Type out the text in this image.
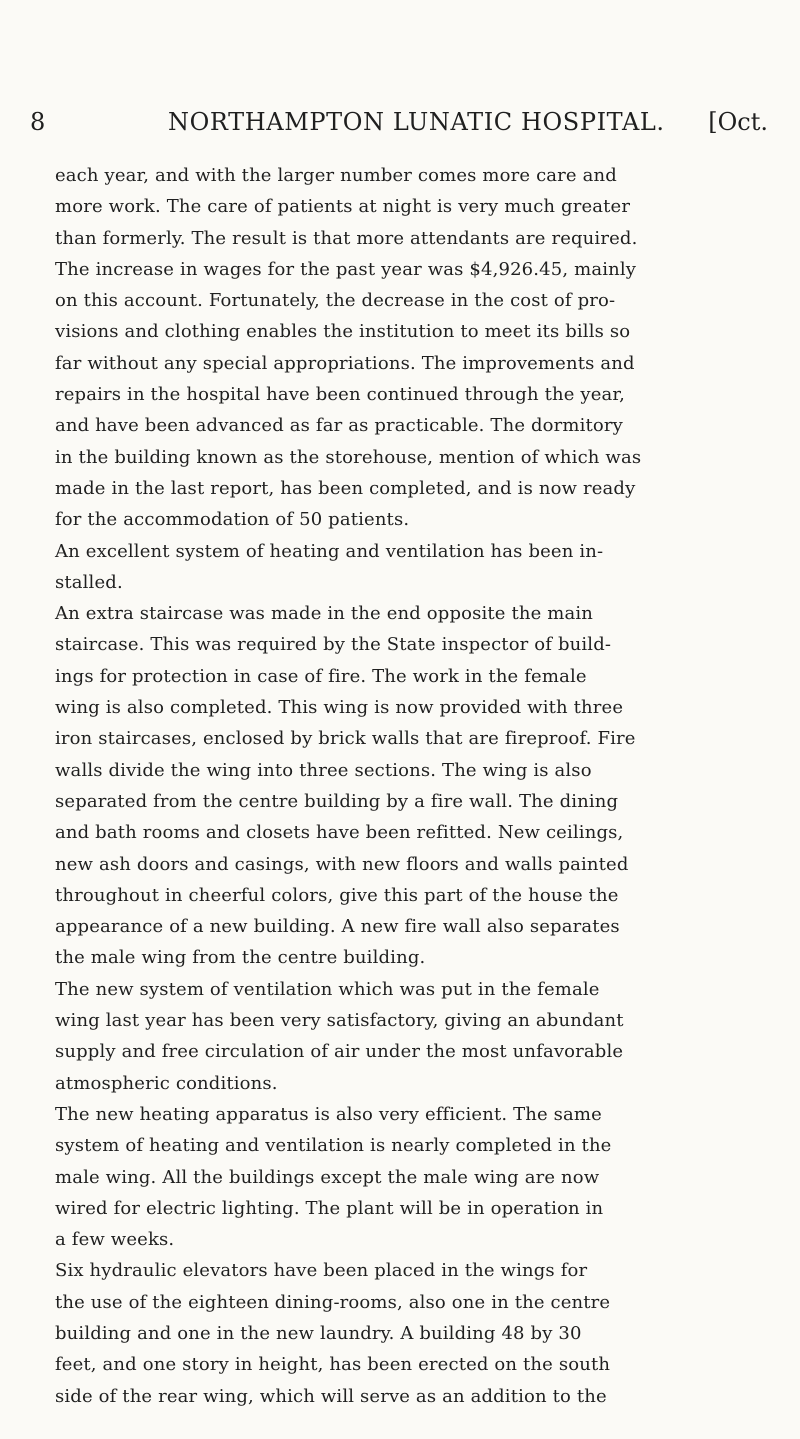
8	NORTHAMPTON LUNATIC HOSPITAL. [Oct.
each year, and with the larger number comes more care and
more work. The care of patients at night is very much greater
than formerly. The result is that more attendants are required.
The increase in wages for the past year was $4,926.45, mainly
on this account. Fortunately, the decrease in the cost of pro-
visions and clothing enables the institution to meet its bills so
far without any special appropriations. The improvements and
repairs in the hospital have been continued through the year,
and have been advanced as far as practicable. The dormitory
in the building known as the storehouse, mention of which was
made in the last report, has been completed, and is now ready
for the accommodation of 50 patients.
An excellent system of heating and ventilation has been in-
stalled.
An extra staircase was made in the end opposite the main
staircase. This was required by the State inspector of build-
ings for protection in case of fire. The work in the female
wing is also completed. This wing is now provided with three
iron staircases, enclosed by brick walls that are fireproof. Fire
walls divide the wing into three sections. The wing is also
separated from the centre building by a fire wall. The dining
and bath rooms and closets have been refitted. New ceilings,
new ash doors and casings, with new floors and walls painted
throughout in cheerful colors, give this part of the house the
appearance of a new building. A new fire wall also separates
the male wing from the centre building.
The new system of ventilation which was put in the female
wing last year has been very satisfactory, giving an abundant
supply and free circulation of air under the most unfavorable
atmospheric conditions.
The new heating apparatus is also very efficient. The same
system of heating and ventilation is nearly completed in the
male wing. All the buildings except the male wing are now
wired for electric lighting. The plant will be in operation in
a few weeks.
Six hydraulic elevators have been placed in the wings for
the use of the eighteen dining-rooms, also one in the centre
building and one in the new laundry. A building 48 by 30
feet, and one story in height, has been erected on the south
side of the rear wing, which will serve as an addition to the
